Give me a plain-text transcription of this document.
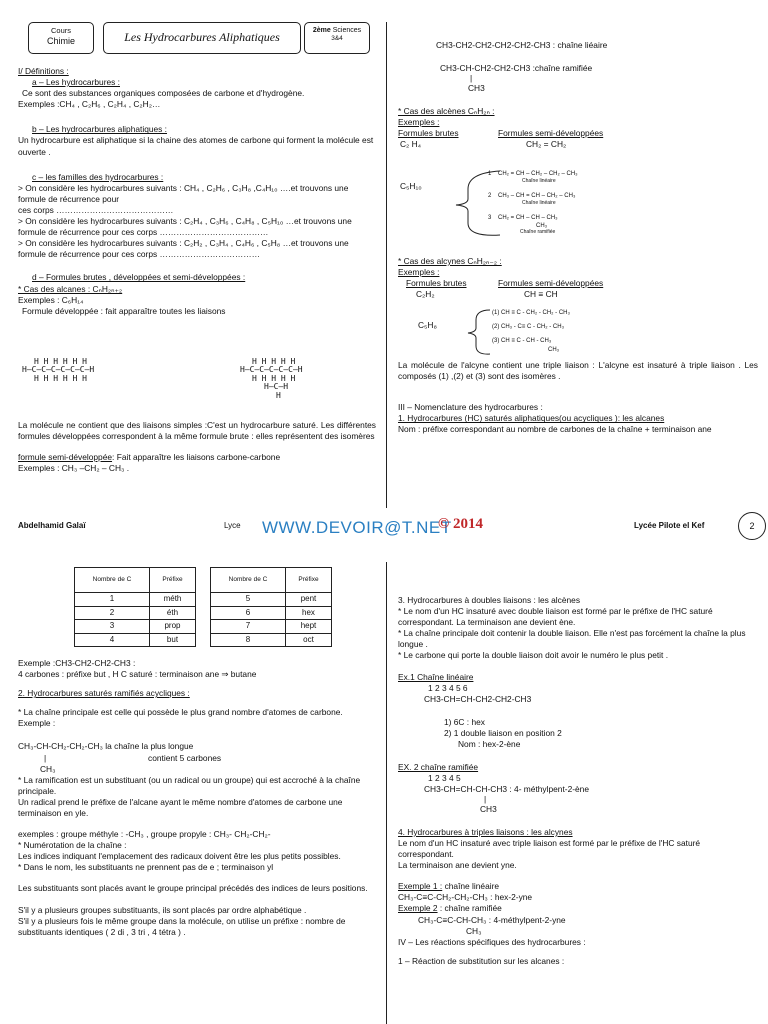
Cours
Chimie	Les Hydrocarbures Aliphatiques	2ème Sciences
3&4
I/ Définitions :
a – Les hydrocarbures :
Ce sont des substances organiques composées de carbone et d'hydrogène.
Exemples :CH₄ , C₂H₆ , C₂H₄ , C₂H₂…
b – Les hydrocarbures aliphatiques :
Un hydrocarbure est aliphatique si la chaine des atomes de carbone qui forment la molécule est ouverte .
c – les familles des hydrocarbures :
> On considère les hydrocarbures suivants : CH₄ , C₂H₆ , C₃H₈ ,C₄H₁₀ ….et trouvons une formule de récurrence pour
ces corps ……………………………………
> On considère les hydrocarbures suivants : C₂H₄ , C₃H₆ , C₄H₈ , C₅H₁₀ …et trouvons une formule de récurrence pour ces corps …………………………………
> On considère les hydrocarbures suivants : C₂H₂ , C₃H₄ , C₄H₆ , C₅H₈ …et trouvons une formule de récurrence pour ces corps ………………………………
d – Formules brutes , développées et semi-développées :
* Cas des alcanes : CₙH₂ₙ₊₂
Exemples : C₆H₁₄
Formule développée : fait apparaître toutes les liaisons
H H H H H H
H–C–C–C–C–C–C–H
H H H H H H
H H H H H
H–C–C–C–C–C–H
H H H H H
H–C–H
H
La molécule ne contient que des liaisons simples :C'est un hydrocarbure saturé. Les différentes formules développées correspondent à la même formule brute : elles représentent des isomères
formule semi-développée: Fait apparaître les liaisons carbone-carbone
Exemples : CH₃ –CH₂ – CH₃ .
CH3-CH2-CH2-CH2-CH2-CH3 : chaîne liéaire
CH3-CH-CH2-CH2-CH3 :chaîne ramifiée
|
CH3
* Cas des alcènes CₙH₂ₙ :
Exemples :
Formules brutes	Formules semi-développées
C₂ H₄	CH₂ = CH₂
C₅H₁₀
1 CH₂ = CH – CH₂ – CH₂ – CH₃
Chaîne linéaire
2 CH₃ – CH = CH – CH₂ – CH₃
Chaîne linéaire
3 CH₂ = CH – CH – CH₃
CH₃
Chaîne ramifiée
* Cas des alcynes CₙH₂ₙ₋₂ :
Exemples :
Formules brutes	Formules semi-développées
C₂H₂	CH ≡ CH
C₅H₈
(1) CH ≡ C - CH₂ - CH₂ - CH₃
(2) CH₃ - C≡ C - CH₂ - CH₃
(3) CH ≡ C - CH - CH₃
CH₃
La molécule de l'alcyne contient une triple liaison : L'alcyne est insaturé à triple liaison . Les composés (1) ,(2) et (3) sont des isomères .
III – Nomenclature des hydrocarbures :
1. Hydrocarbures (HC) saturés aliphatiques(ou acycliques ): les alcanes
Nom : préfixe correspondant au nombre de carbones de la chaîne + terminaison ane
Abdelhamid Galaï	Lyce WWW.DEVOIR@T.NET
© 2014	Lycée Pilote el Kef	2
Nombre de C	Préfixe
1	méth
2	éth
3	prop
4	but
Nombre de C	Préfixe
5	pent
6	hex
7	hept
8	oct
Exemple :CH3-CH2-CH2-CH3 :
4 carbones : préfixe but , H C saturé : terminaison ane ⇒ butane
2. Hydrocarbures saturés ramifiés acycliques :
* La chaîne principale est celle qui possède le plus grand nombre d'atomes de carbone.
Exemple :
CH₃-CH-CH₂-CH₂-CH₃ la chaîne la plus longue
|	contient 5 carbones
CH₃
* La ramification est un substituant (ou un radical ou un groupe) qui est accroché à la chaîne principale.
Un radical prend le préfixe de l'alcane ayant le même nombre d'atomes de carbone une terminaison en yle.
exemples : groupe méthyle : -CH₃ , groupe propyle : CH₃- CH₂-CH₂-
* Numérotation de la chaîne :
Les indices indiquant l'emplacement des radicaux doivent être les plus petits possibles.
* Dans le nom, les substituants ne prennent pas de e ; terminaison yl
Les substituants sont placés avant le groupe principal précédés des indices de leurs positions.
S'il y a plusieurs groupes substituants, ils sont placés par ordre alphabétique .
S'il y a plusieurs fois le même groupe dans la molécule, on utilise un préfixe : nombre de substituants identiques ( 2 di , 3 tri , 4 tétra ) .
3. Hydrocarbures à doubles liaisons : les alcènes
* Le nom d'un HC insaturé avec double liaison est formé par le préfixe de l'HC saturé correspondant. La terminaison ane devient ène.
* La chaîne principale doit contenir la double liaison. Elle n'est pas forcément la chaîne la plus longue .
* Le carbone qui porte la double liaison doit avoir le numéro le plus petit .
Ex.1 Chaîne linéaire
1 2 3 4 5 6
CH3-CH=CH-CH2-CH2-CH3
1) 6C : hex
2) 1 double liaison en position 2
Nom : hex-2-ène
EX. 2 chaîne ramifiée
1 2 3 4 5
CH3-CH=CH-CH-CH3 : 4- méthylpent-2-ène
|
CH3
4. Hydrocarbures à triples liaisons : les alcynes
Le nom d'un HC insaturé avec triple liaison est formé par le préfixe de l'HC saturé correspondant.
La terminaison ane devient yne.
Exemple 1 : chaîne linéaire
CH₃-C≡C-CH₂-CH₂-CH₃ : hex-2-yne
Exemple 2 : chaîne ramifiée
CH₃-C≡C-CH-CH₃ : 4-méthylpent-2-yne
CH₃
IV – Les réactions spécifiques des hydrocarbures :
1 – Réaction de substitution sur les alcanes :
